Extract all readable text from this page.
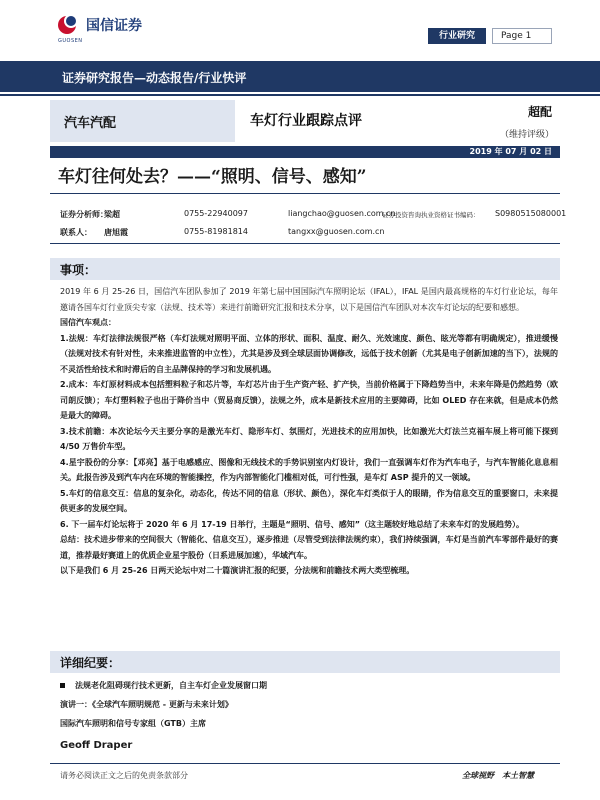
国信证券
GUOSEN	行业研究	Page 1
证券研究报告—动态报告/行业快评
汽车汽配	车灯行业跟踪点评
超配
（维持评级）
2019 年 07 月 02 日
车灯往何处去？——“照明、信号、感知”
证券分析师：
梁超	0755-22940097	liangchao@guosen.com.cn
证券投资咨询执业资格证书编码： S0980515080001
联系人： 唐旭霞	0755-81981814	tangxx@guosen.com.cn
事项：

2019 年 6 月 25-26 日，国信汽车团队参加了 2019 年第七届中国国际汽车照明论坛（IFAL），IFAL 是国内最高规格的车灯行业论坛，每年邀请各国车灯行业顶尖专家（法规、技术等）来进行前瞻研究汇报和技术分享，以下是国信汽车团队对本次车灯论坛的纪要和感想。

国信汽车观点：

1.法规：车灯法律法规很严格（车灯法规对照明平面、立体的形状、面积、温度、耐久、光效速度、颜色、眩光等都有明确规定），推进缓慢（法规对技术有针对性，未来推进监管的中立性），尤其是涉及到全球层面协调修改，远低于技术创新（尤其是电子创新加速的当下），法规的不灵活性给技术和时滞后的自主品牌保持的学习和发展机遇。

2.成本：车灯原材料成本包括塑料粒子和芯片等，车灯芯片由于生产资产轻、扩产快，当前价格属于下降趋势当中，未来年降是仍然趋势（欧司朗反馈）；车灯塑料粒子也出于降价当中（贸易商反馈），法规之外，成本是新技术应用的主要障碍，比如 OLED 存在来就，但是成本仍然是最大的障碍。

3.技术前瞻：本次论坛今天主要分享的是激光车灯、隐形车灯、氛围灯，光进技术的应用加快，比如激光大灯法兰克福车展上将可能下探到 4/50 万售价车型。

4.星宇股份的分享：【邓亮】基于电感感应、图像和无线技术的手势识别室内灯设计，我们一直强调车灯作为汽车电子，与汽车智能化息息相关。此报告涉及到汽车内在环境的智能操控，作为内部智能化门槛相对低，可行性强，是车灯 ASP 提升的又一领域。

5.车灯的信息交互：信息的复杂化，动态化，传达不同的信息（形状、颜色），深化车灯类似于人的眼睛，作为信息交互的重要窗口，未来提供更多的发展空间。

6. 下一届车灯论坛将于 2020 年 6 月 17-19 日举行，主题是“照明、信号、感知”（这主题较好地总结了未来车灯的发展趋势）。

总结：技术进步带来的空间很大（智能化、信息交互），逐步推进（尽管受到法律法规约束），我们持续强调，车灯是当前汽车零部件最好的赛道，推荐最好赛道上的优质企业星宇股份（日系进展加速），华域汽车。

以下是我们 6 月 25-26 日两天论坛中对二十篇演讲汇报的纪要，分法规和前瞻技术两大类型梳理。

详细纪要：
法规老化阻碍现行技术更新，自主车灯企业发展窗口期
演讲一：《全球汽车照明规范 - 更新与未来计划》
国际汽车照明和信号专家组（GTB）主席
Geoff Draper
请务必阅读正文之后的免责条款部分	全球视野　本土智慧
